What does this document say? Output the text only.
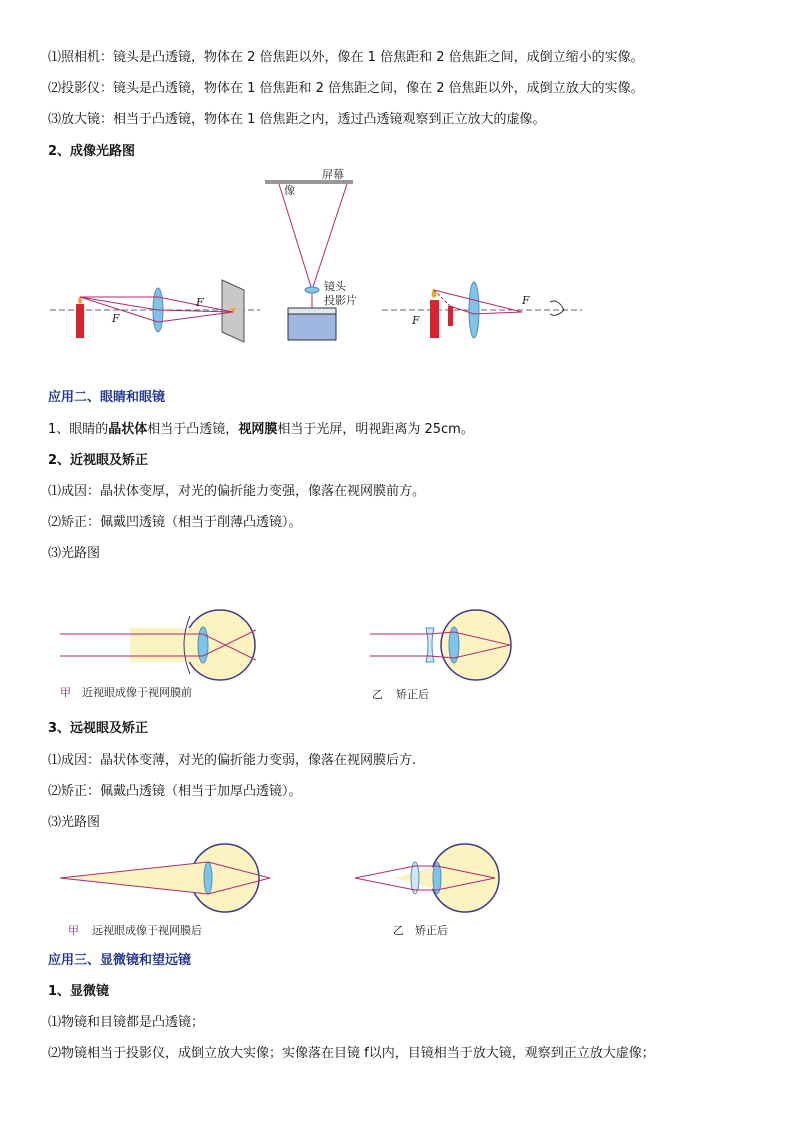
⑴照相机：镜头是凸透镜，物体在 2 倍焦距以外，像在 1 倍焦距和 2 倍焦距之间，成倒立缩小的实像。
⑵投影仪：镜头是凸透镜，物体在 1 倍焦距和 2 倍焦距之间，像在 2 倍焦距以外，成倒立放大的实像。
⑶放大镜：相当于凸透镜，物体在 1 倍焦距之内，透过凸透镜观察到正立放大的虚像。
2、成像光路图
F
F
屏幕
像
镜头
投影片
F
F
应用二、眼睛和眼镜
1、眼睛的晶状体相当于凸透镜，视网膜相当于光屏，明视距离为 25cm。
2、近视眼及矫正
⑴成因：晶状体变厚，对光的偏折能力变强，像落在视网膜前方。
⑵矫正：佩戴凹透镜（相当于削薄凸透镜）。
⑶光路图
甲 近视眼成像于视网膜前	乙 矫正后
3、远视眼及矫正
⑴成因：晶状体变薄，对光的偏折能力变弱，像落在视网膜后方.
⑵矫正：佩戴凸透镜（相当于加厚凸透镜）。
⑶光路图
甲 远视眼成像于视网膜后	乙 矫正后
应用三、显微镜和望远镜
1、显微镜
⑴物镜和目镜都是凸透镜；
⑵物镜相当于投影仪，成倒立放大实像；实像落在目镜 f以内，目镜相当于放大镜，观察到正立放大虚像；
